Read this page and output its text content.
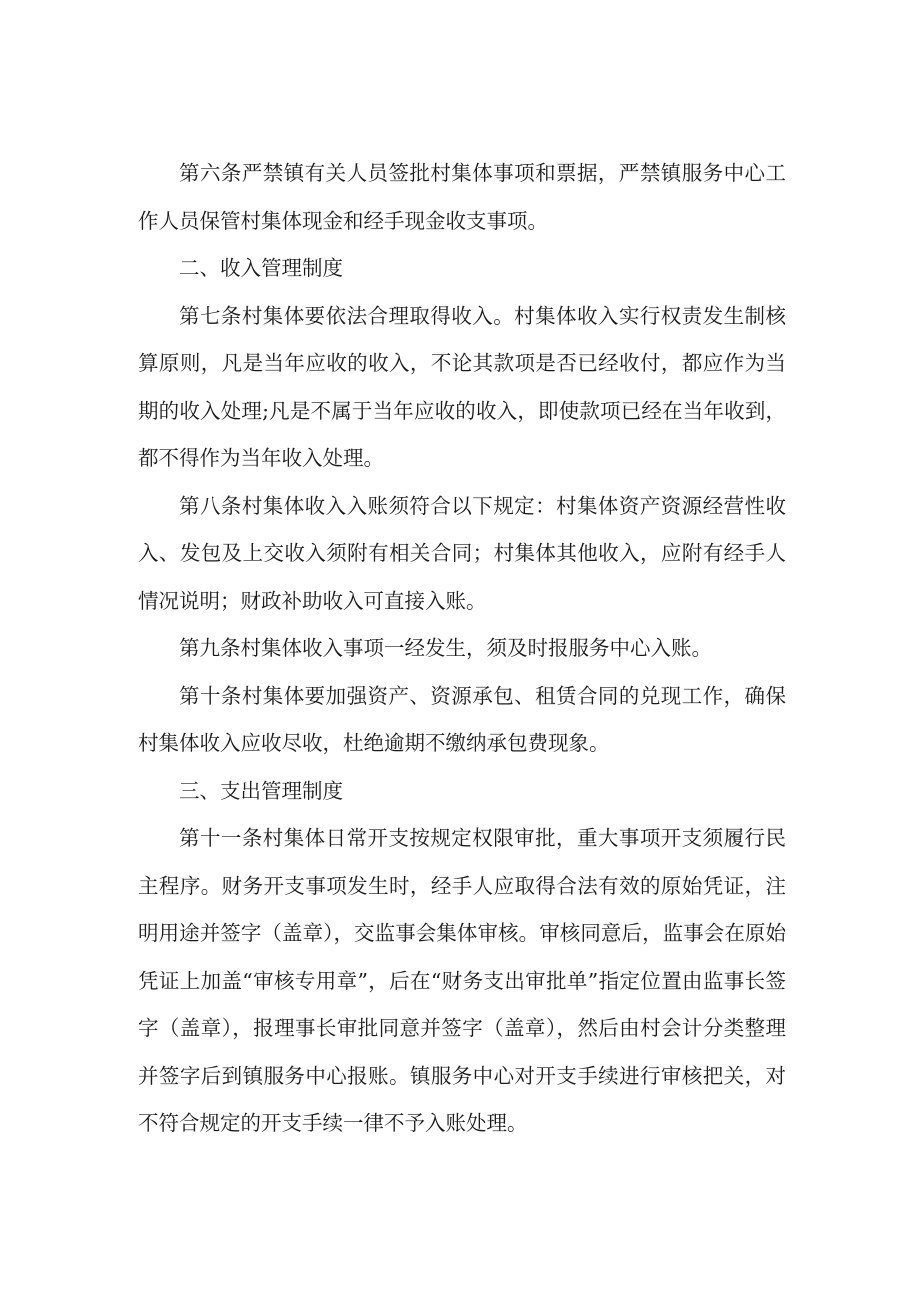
第六条严禁镇有关人员签批村集体事项和票据，严禁镇服务中心工作人员保管村集体现金和经手现金收支事项。

二、收入管理制度

第七条村集体要依法合理取得收入。村集体收入实行权责发生制核算原则，凡是当年应收的收入，不论其款项是否已经收付，都应作为当期的收入处理;凡是不属于当年应收的收入，即使款项已经在当年收到，都不得作为当年收入处理。

第八条村集体收入入账须符合以下规定：村集体资产资源经营性收入、发包及上交收入须附有相关合同；村集体其他收入，应附有经手人情况说明；财政补助收入可直接入账。

第九条村集体收入事项一经发生，须及时报服务中心入账。

第十条村集体要加强资产、资源承包、租赁合同的兑现工作，确保村集体收入应收尽收，杜绝逾期不缴纳承包费现象。

三、支出管理制度

第十一条村集体日常开支按规定权限审批，重大事项开支须履行民主程序。财务开支事项发生时，经手人应取得合法有效的原始凭证，注明用途并签字（盖章），交监事会集体审核。审核同意后，监事会在原始凭证上加盖“审核专用章”，后在“财务支出审批单”指定位置由监事长签字（盖章），报理事长审批同意并签字（盖章），然后由村会计分类整理并签字后到镇服务中心报账。镇服务中心对开支手续进行审核把关，对不符合规定的开支手续一律不予入账处理。
